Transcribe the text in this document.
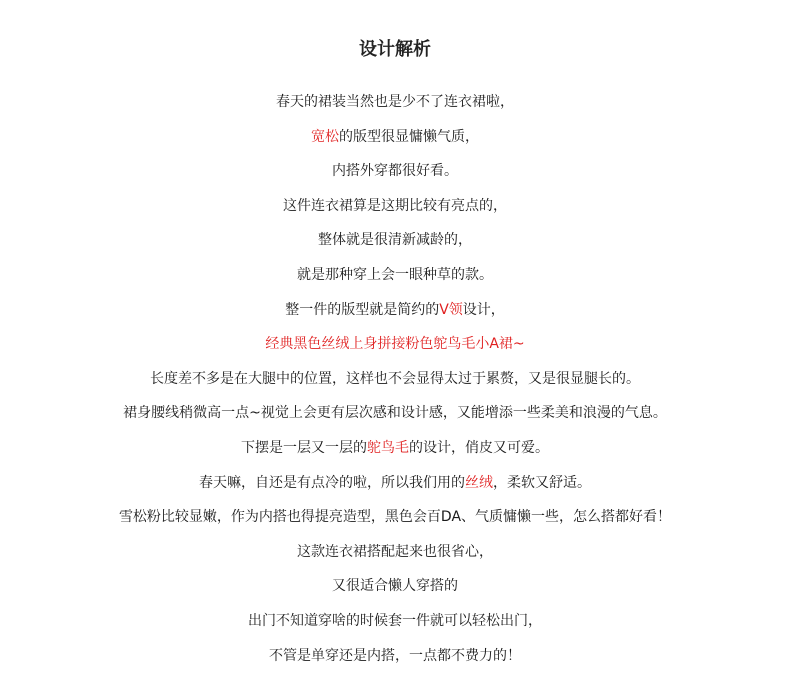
设计解析
春天的裙装当然也是少不了连衣裙啦，
宽松的版型很显慵懒气质，
内搭外穿都很好看。
这件连衣裙算是这期比较有亮点的，
整体就是很清新减龄的，
就是那种穿上会一眼种草的款。
整一件的版型就是简约的V领设计，
经典黑色丝绒上身拼接粉色鸵鸟毛小A裙~
长度差不多是在大腿中的位置，这样也不会显得太过于累赘，又是很显腿长的。
裙身腰线稍微高一点~视觉上会更有层次感和设计感，又能增添一些柔美和浪漫的气息。
下摆是一层又一层的鸵鸟毛的设计，俏皮又可爱。
春天嘛，自还是有点冷的啦，所以我们用的丝绒，柔软又舒适。
雪松粉比较显嫩，作为内搭也得提亮造型，黑色会百DA、气质慵懒一些，怎么搭都好看！
这款连衣裙搭配起来也很省心，
又很适合懒人穿搭的
出门不知道穿啥的时候套一件就可以轻松出门，
不管是单穿还是内搭，一点都不费力的！
